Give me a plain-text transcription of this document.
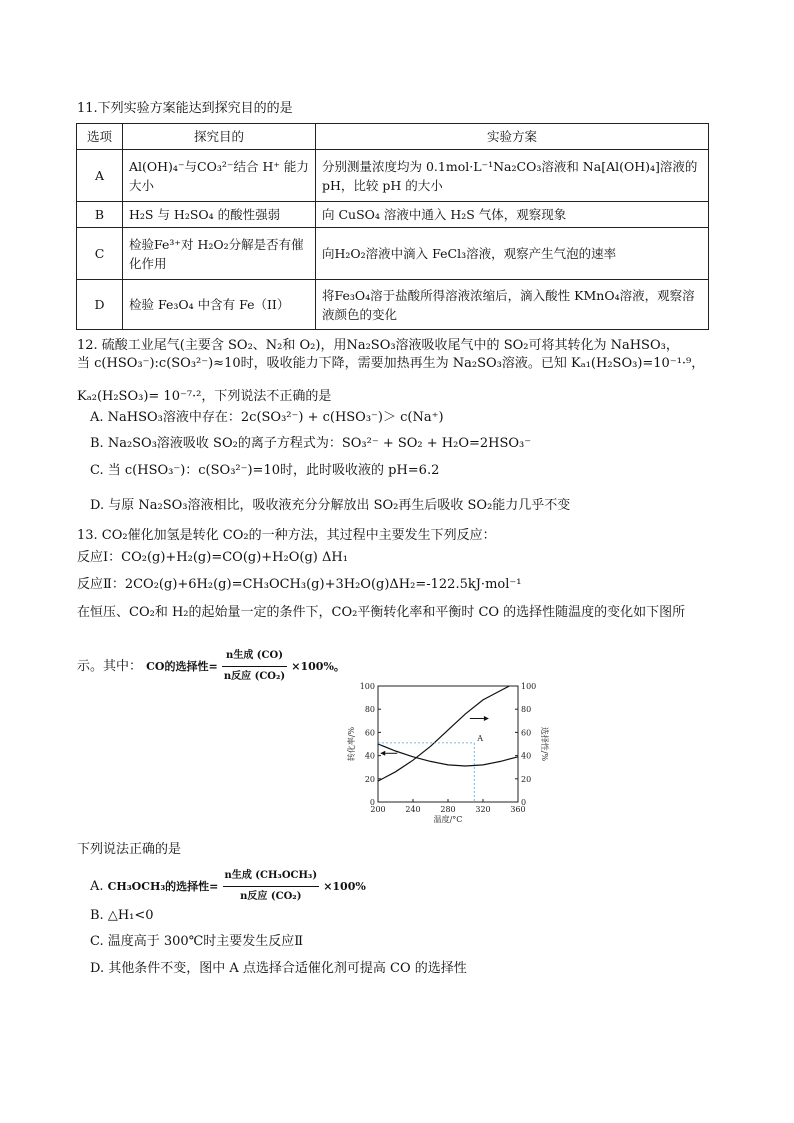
11.下列实验方案能达到探究目的的是
选项	探究目的	实验方案
A	Al(OH)₄⁻与CO₃²⁻结合 H⁺ 能力大小	分别测量浓度均为 0.1mol·L⁻¹Na₂CO₃溶液和 Na[Al(OH)₄]溶液的pH，比较 pH 的大小
B	H₂S 与 H₂SO₄ 的酸性强弱	向 CuSO₄ 溶液中通入 H₂S 气体，观察现象
C	检验Fe³⁺对 H₂O₂分解是否有催化作用	向H₂O₂溶液中滴入 FeCl₃溶液，观察产生气泡的速率
D	检验 Fe₃O₄ 中含有 Fe（II）	将Fe₃O₄溶于盐酸所得溶液浓缩后，滴入酸性 KMnO₄溶液，观察溶液颜色的变化
12. 硫酸工业尾气(主要含 SO₂、N₂和 O₂)，用Na₂SO₃溶液吸收尾气中的 SO₂可将其转化为 NaHSO₃，
当 c(HSO₃⁻):c(SO₃²⁻)≈10时，吸收能力下降，需要加热再生为 Na₂SO₃溶液。已知 Kₐ₁(H₂SO₃)=10⁻¹·⁹，
Kₐ₂(H₂SO₃)= 10⁻⁷·²，下列说法不正确的是
A. NaHSO₃溶液中存在：2c(SO₃²⁻) + c(HSO₃⁻)＞ c(Na⁺)
B. Na₂SO₃溶液吸收 SO₂的离子方程式为：SO₃²⁻ + SO₂ + H₂O=2HSO₃⁻
C. 当 c(HSO₃⁻)：c(SO₃²⁻)=10时，此时吸收液的 pH=6.2
D. 与原 Na₂SO₃溶液相比，吸收液充分分解放出 SO₂再生后吸收 SO₂能力几乎不变
13. CO₂催化加氢是转化 CO₂的一种方法，其过程中主要发生下列反应：
反应Ⅰ：CO₂(g)+H₂(g)=CO(g)+H₂O(g) ΔH₁
反应Ⅱ：2CO₂(g)+6H₂(g)=CH₃OCH₃(g)+3H₂O(g)ΔH₂=-122.5kJ·mol⁻¹
在恒压、CO₂和 H₂的起始量一定的条件下，CO₂平衡转化率和平衡时 CO 的选择性随温度的变化如下图所
示。其中： CO的选择性= $\frac{\text{n生成 (CO)}}{\text{n反应 (CO₂)}} \times 100\%$。
200 240 280 320 360
0	0
20	20
40	40
60	60
80	80
100	100
温度/°C
转化率/%	选择性/%
A
下列说法正确的是
A. CH₃OCH₃的选择性= $\frac{\text{n生成 (CH₃OCH₃)}}{\text{n反应 (CO₂)}} \times 100\%$
B. △H₁<0
C. 温度高于 300℃时主要发生反应Ⅱ
D. 其他条件不变，图中 A 点选择合适催化剂可提高 CO 的选择性
